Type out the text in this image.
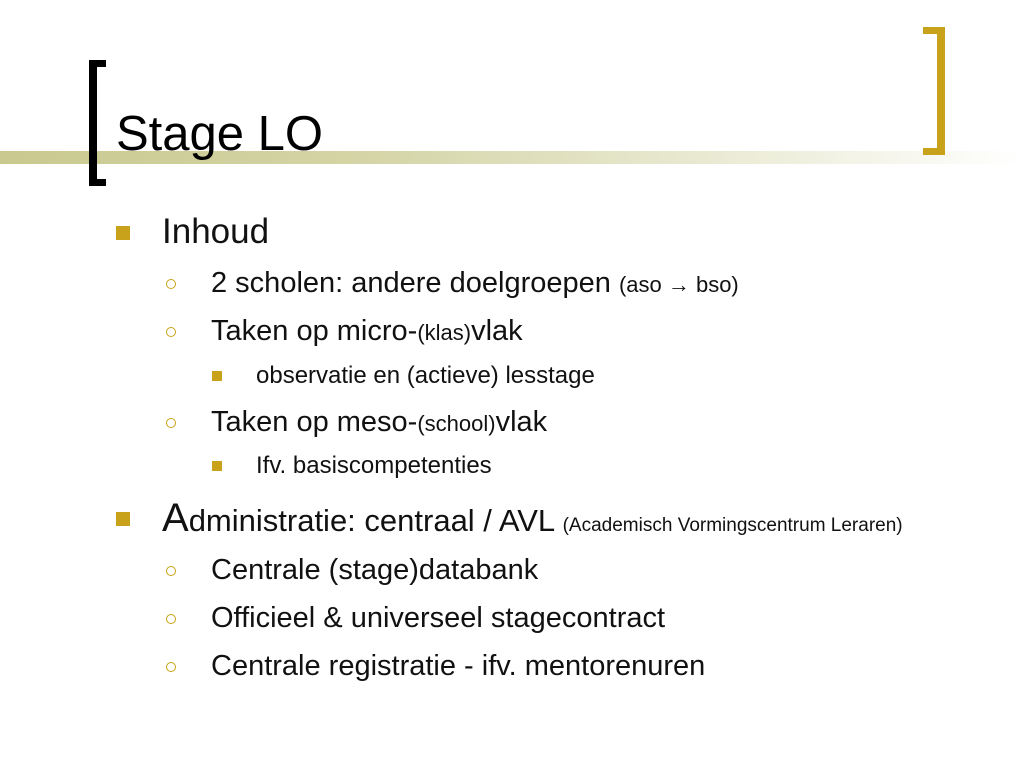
Stage LO
Inhoud
2 scholen: andere doelgroepen (aso → bso)
Taken op micro-(klas)vlak
observatie en (actieve) lesstage
Taken op meso-(school)vlak
Ifv. basiscompetenties
Administratie: centraal / AVL (Academisch Vormingscentrum Leraren)
Centrale (stage)databank
Officieel & universeel stagecontract
Centrale registratie - ifv. mentorenuren
